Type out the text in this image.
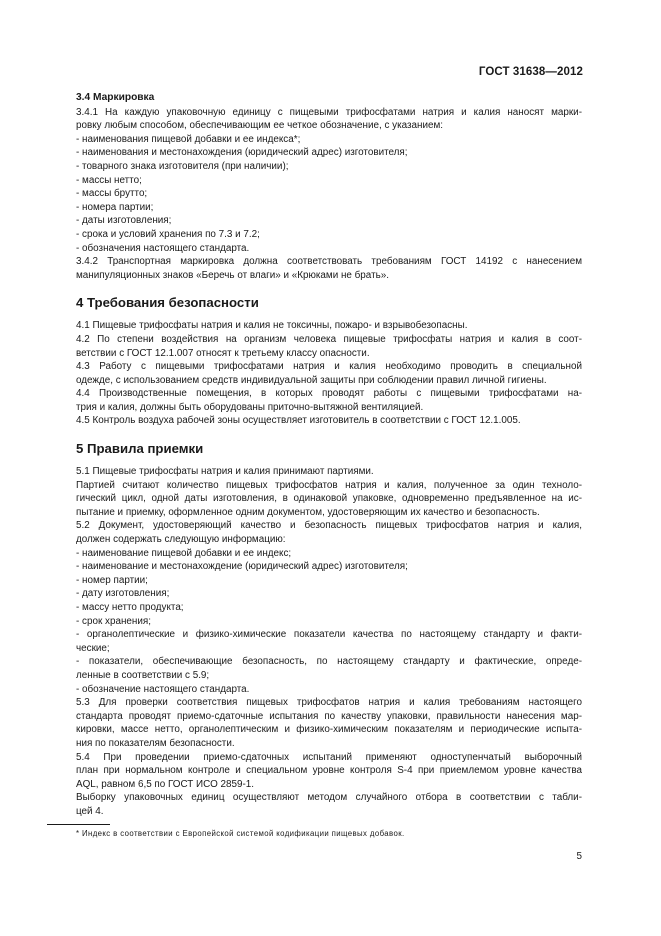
ГОСТ 31638—2012

3.4 Маркировка

3.4.1 На каждую упаковочную единицу с пищевыми трифосфатами натрия и калия наносят марки-
ровку любым способом, обеспечивающим ее четкое обозначение, с указанием:

- наименования пищевой добавки и ее индекса*;

- наименования и местонахождения (юридический адрес) изготовителя;

- товарного знака изготовителя (при наличии);

- массы нетто;

- массы брутто;

- номера партии;

- даты изготовления;

- срока и условий хранения по 7.3 и 7.2;

- обозначения настоящего стандарта.

3.4.2 Транспортная маркировка должна соответствовать требованиям ГОСТ 14192 с нанесением
манипуляционных знаков «Беречь от влаги» и «Крюками не брать».

4 Требования безопасности

4.1 Пищевые трифосфаты натрия и калия не токсичны, пожаро- и взрывобезопасны.

4.2 По степени воздействия на организм человека пищевые трифосфаты натрия и калия в соот-
ветствии с ГОСТ 12.1.007 относят к третьему классу опасности.

4.3 Работу с пищевыми трифосфатами натрия и калия необходимо проводить в специальной
одежде, с использованием средств индивидуальной защиты при соблюдении правил личной гигиены.

4.4 Производственные помещения, в которых проводят работы с пищевыми трифосфатами на-
трия и калия, должны быть оборудованы приточно-вытяжной вентиляцией.

4.5 Контроль воздуха рабочей зоны осуществляет изготовитель в соответствии с ГОСТ 12.1.005.

5 Правила приемки

5.1 Пищевые трифосфаты натрия и калия принимают партиями.

Партией считают количество пищевых трифосфатов натрия и калия, полученное за один техноло-
гический цикл, одной даты изготовления, в одинаковой упаковке, одновременно предъявленное на ис-
пытание и приемку, оформленное одним документом, удостоверяющим их качество и безопасность.

5.2 Документ, удостоверяющий качество и безопасность пищевых трифосфатов натрия и калия,
должен содержать следующую информацию:

- наименование пищевой добавки и ее индекс;

- наименование и местонахождение (юридический адрес) изготовителя;

- номер партии;

- дату изготовления;

- массу нетто продукта;

- срок хранения;

- органолептические и физико-химические показатели качества по настоящему стандарту и факти-
ческие;

- показатели, обеспечивающие безопасность, по настоящему стандарту и фактические, опреде-
ленные в соответствии с 5.9;

- обозначение настоящего стандарта.

5.3 Для проверки соответствия пищевых трифосфатов натрия и калия требованиям настоящего
стандарта проводят приемо-сдаточные испытания по качеству упаковки, правильности нанесения мар-
кировки, массе нетто, органолептическим и физико-химическим показателям и периодические испыта-
ния по показателям безопасности.

5.4 При проведении приемо-сдаточных испытаний применяют одноступенчатый выборочный
план при нормальном контроле и специальном уровне контроля S-4 при приемлемом уровне качества
AQL, равном 6,5 по ГОСТ ИСО 2859-1.

Выборку упаковочных единиц осуществляют методом случайного отбора в соответствии с табли-
цей 4.

* Индекс в соответствии с Европейской системой кодификации пищевых добавок.
5
